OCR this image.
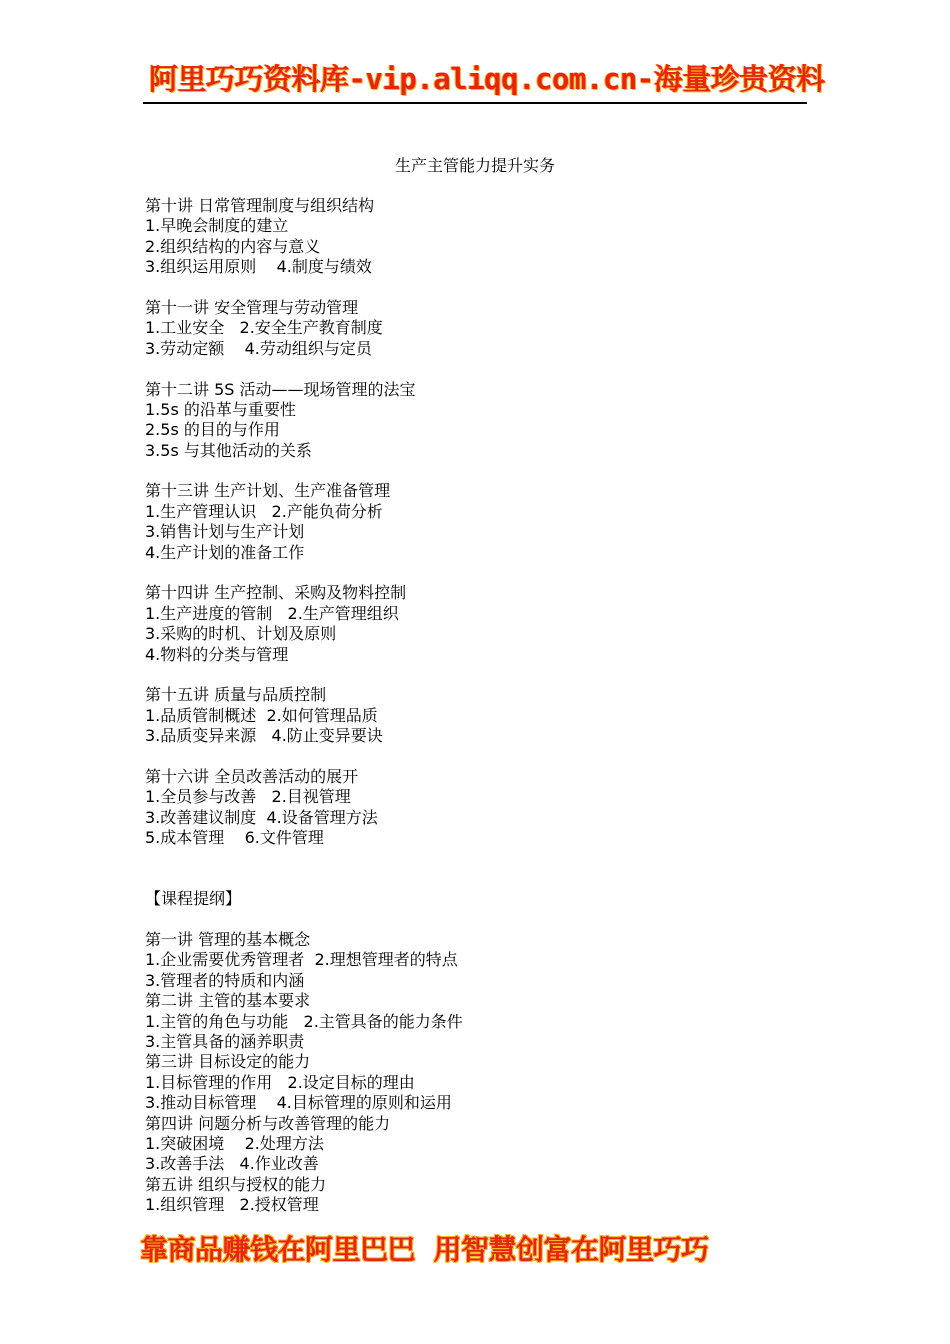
阿里巧巧资料库-vip.aliqq.com.cn-海量珍贵资料
生产主管能力提升实务
第十讲 日常管理制度与组织结构
1.早晚会制度的建立
2.组织结构的内容与意义
3.组织运用原则    4.制度与绩效
第十一讲 安全管理与劳动管理
1.工业安全   2.安全生产教育制度
3.劳动定额    4.劳动组织与定员
第十二讲 5S 活动——现场管理的法宝
1.5s 的沿革与重要性
2.5s 的目的与作用
3.5s 与其他活动的关系
第十三讲 生产计划、生产准备管理
1.生产管理认识   2.产能负荷分析
3.销售计划与生产计划
4.生产计划的准备工作
第十四讲 生产控制、采购及物料控制
1.生产进度的管制   2.生产管理组织
3.采购的时机、计划及原则
4.物料的分类与管理
第十五讲 质量与品质控制
1.品质管制概述  2.如何管理品质
3.品质变异来源   4.防止变异要诀
第十六讲 全员改善活动的展开
1.全员参与改善   2.目视管理
3.改善建议制度  4.设备管理方法
5.成本管理    6.文件管理
【课程提纲】
第一讲 管理的基本概念
1.企业需要优秀管理者  2.理想管理者的特点
3.管理者的特质和内涵
第二讲 主管的基本要求
1.主管的角色与功能   2.主管具备的能力条件
3.主管具备的涵养职责
第三讲 目标设定的能力
1.目标管理的作用   2.设定目标的理由
3.推动目标管理    4.目标管理的原则和运用
第四讲 问题分析与改善管理的能力
1.突破困境    2.处理方法
3.改善手法   4.作业改善
第五讲 组织与授权的能力
1.组织管理   2.授权管理
靠商品赚钱在阿里巴巴  用智慧创富在阿里巧巧
